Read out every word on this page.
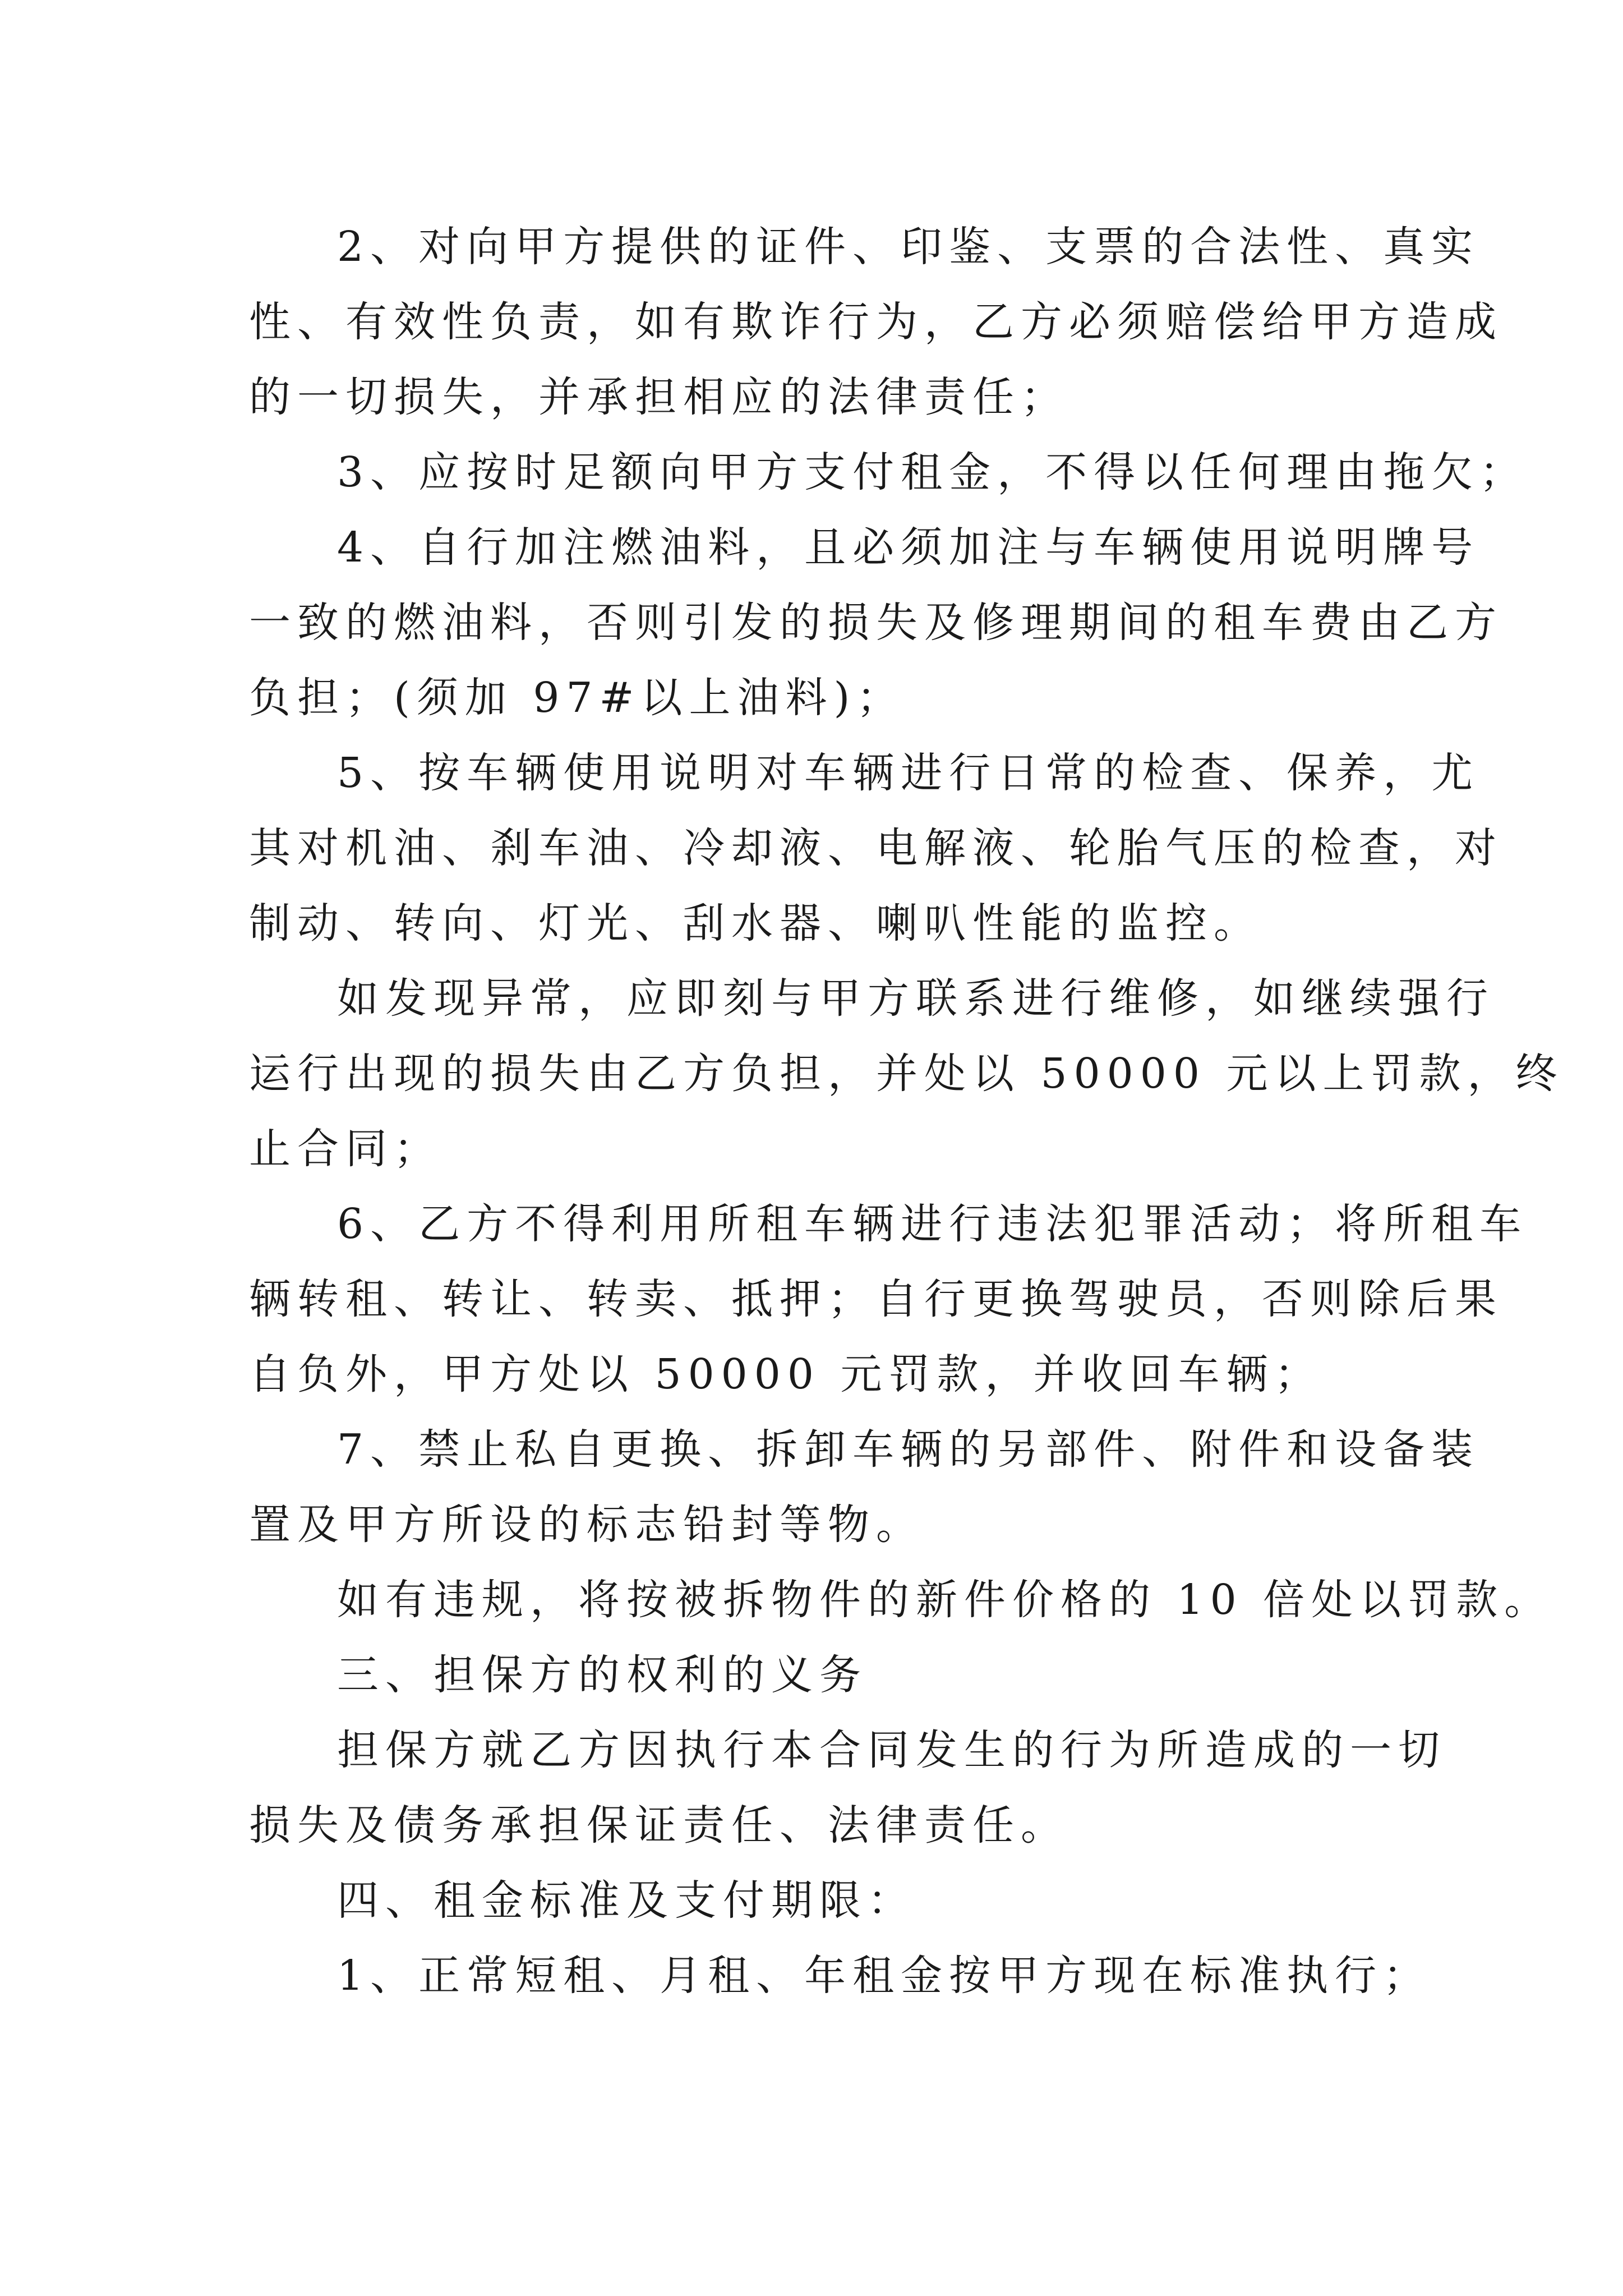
2、对向甲方提供的证件、印鉴、支票的合法性、真实

性、有效性负责，如有欺诈行为，乙方必须赔偿给甲方造成

的一切损失，并承担相应的法律责任；

3、应按时足额向甲方支付租金，不得以任何理由拖欠；

4、自行加注燃油料，且必须加注与车辆使用说明牌号

一致的燃油料，否则引发的损失及修理期间的租车费由乙方

负担；(须加 97#以上油料)；

5、按车辆使用说明对车辆进行日常的检查、保养，尤

其对机油、刹车油、冷却液、电解液、轮胎气压的检查，对

制动、转向、灯光、刮水器、喇叭性能的监控。

如发现异常，应即刻与甲方联系进行维修，如继续强行

运行出现的损失由乙方负担，并处以 50000 元以上罚款，终

止合同；

6、乙方不得利用所租车辆进行违法犯罪活动；将所租车

辆转租、转让、转卖、抵押；自行更换驾驶员，否则除后果

自负外，甲方处以 50000 元罚款，并收回车辆；

7、禁止私自更换、拆卸车辆的另部件、附件和设备装

置及甲方所设的标志铅封等物。

如有违规，将按被拆物件的新件价格的 10 倍处以罚款。

三、担保方的权利的义务

担保方就乙方因执行本合同发生的行为所造成的一切

损失及债务承担保证责任、法律责任。

四、租金标准及支付期限：

1、正常短租、月租、年租金按甲方现在标准执行；
